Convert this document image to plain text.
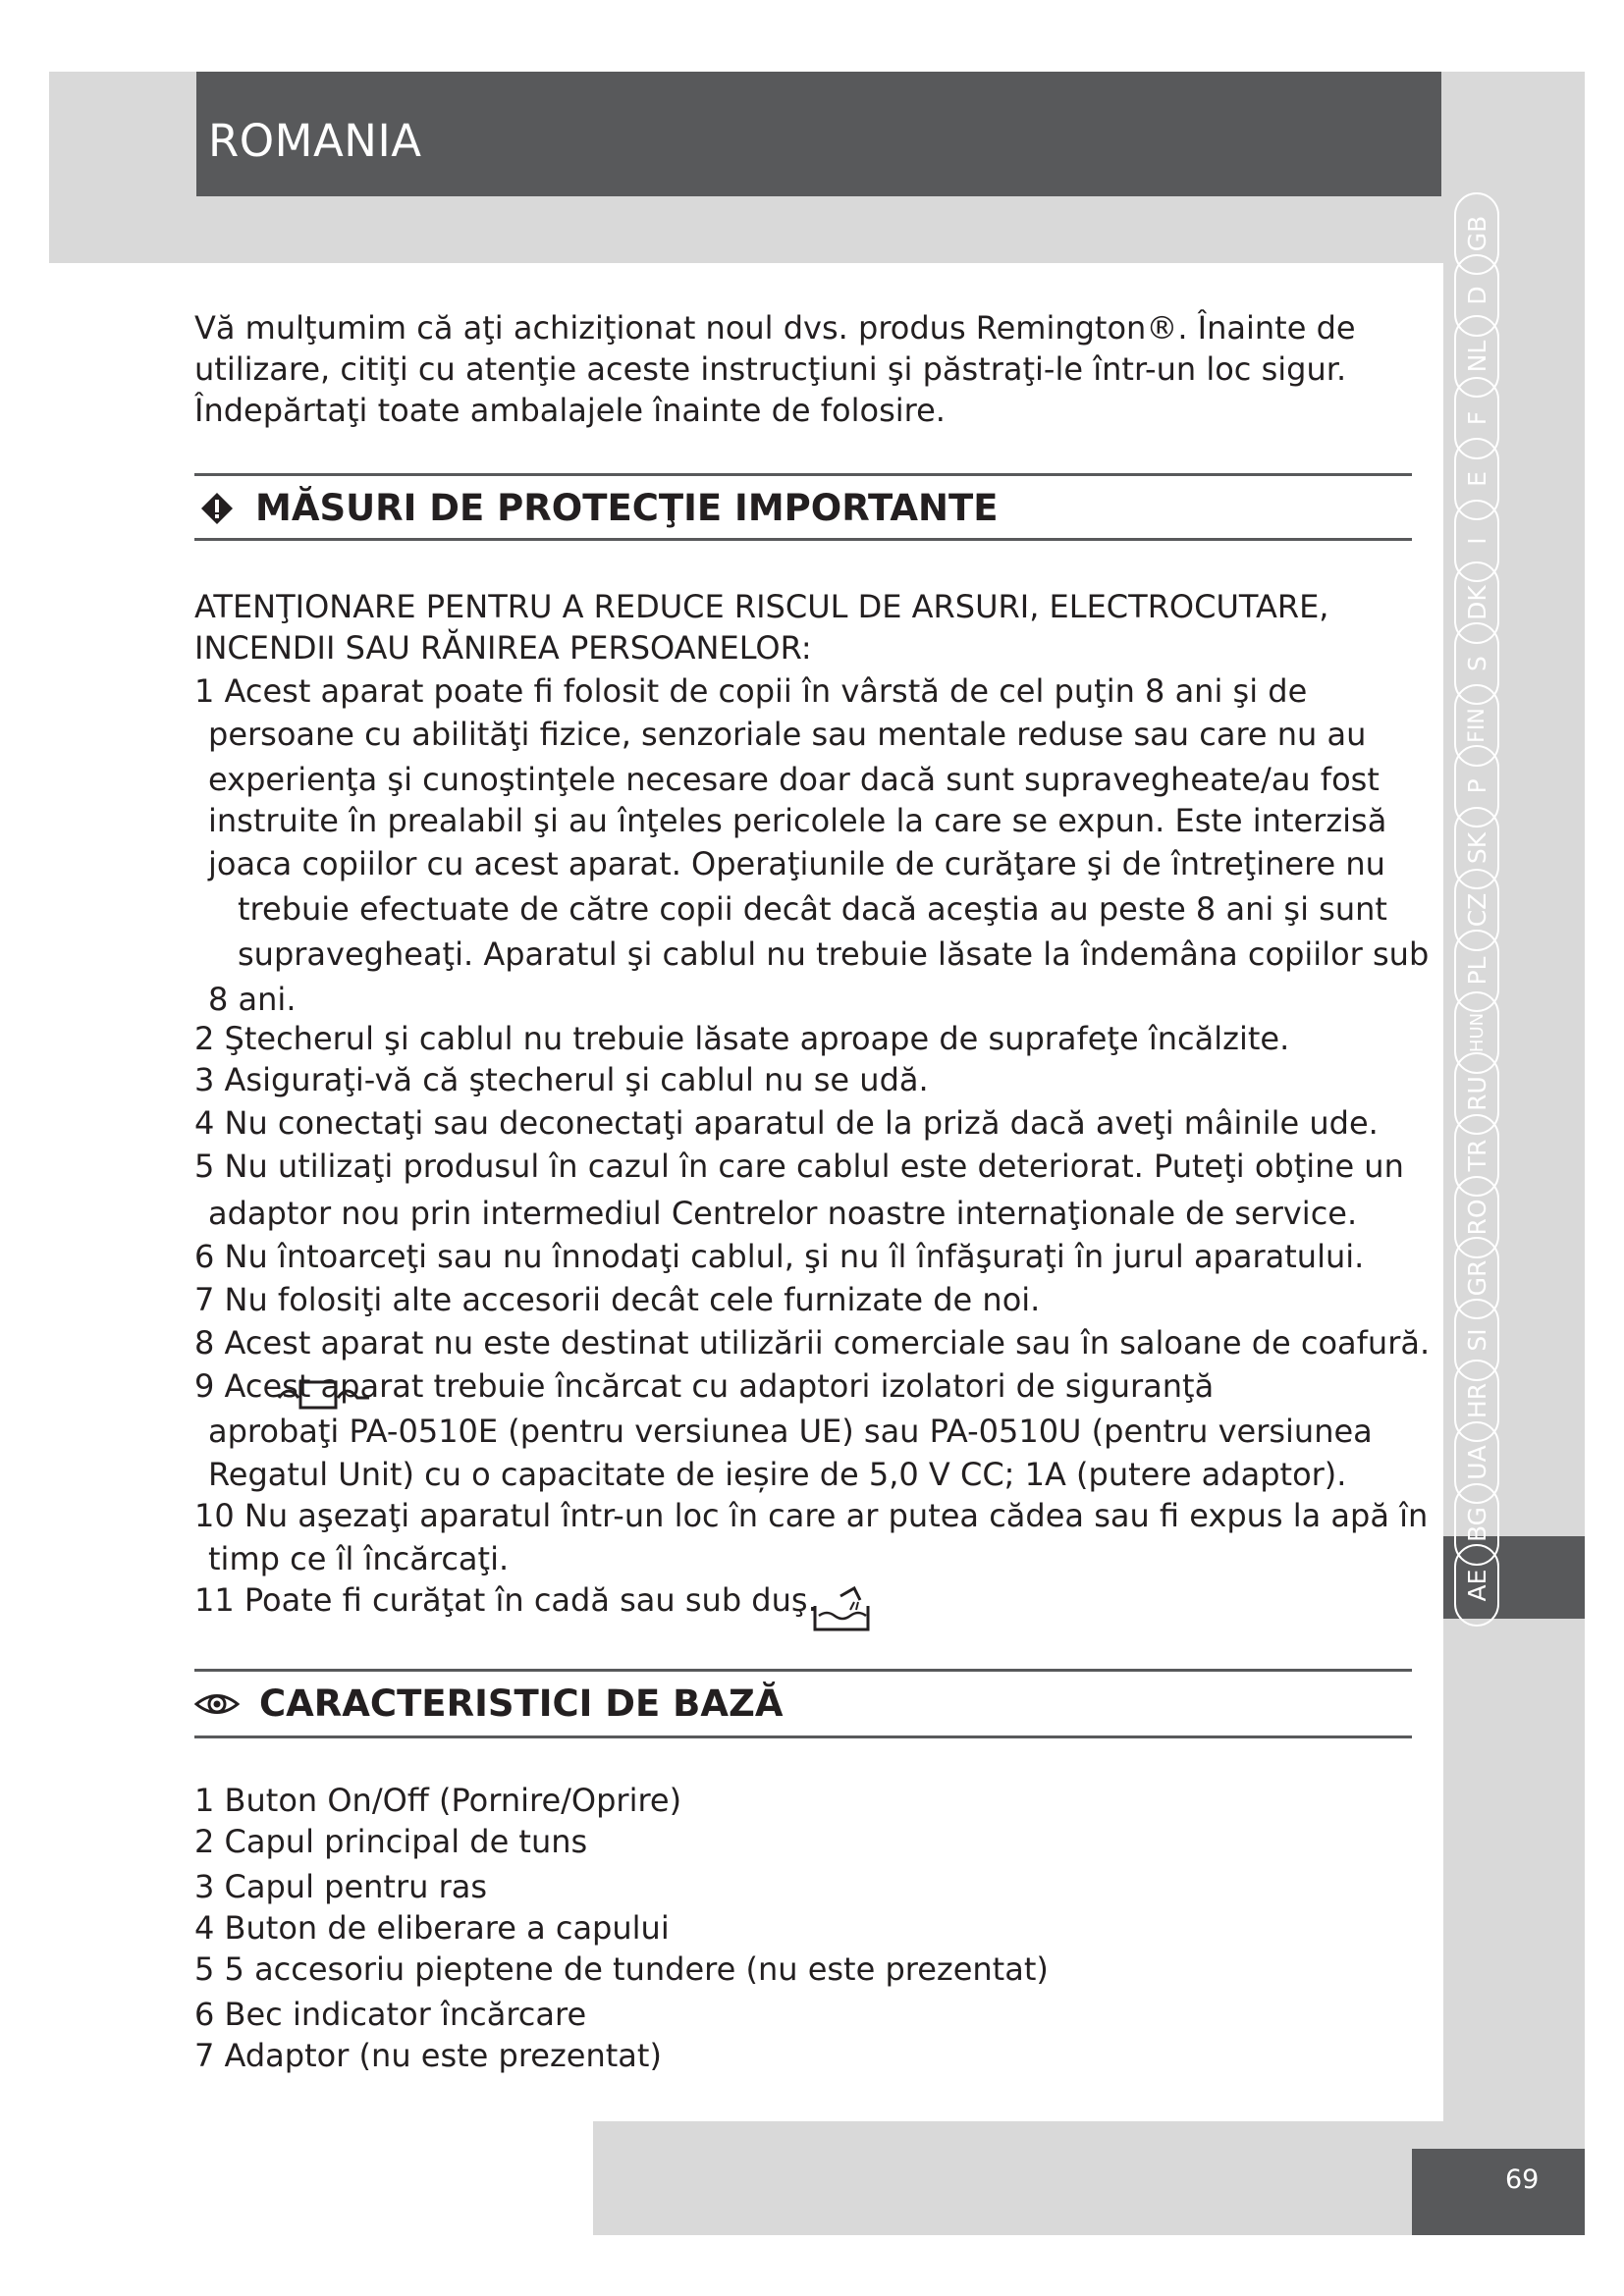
ROMANIA
GB
D
NL
F
E
I
DK
S
FIN
P
SK
CZ
PL
HUN
RU
TR
RO
GR
SI
HR
UA
BG
AE
69
Vă mulţumim că aţi achiziţionat noul dvs. produs Remington®. Înainte de
utilizare, citiţi cu atenţie aceste instrucţiuni şi păstraţi-le într-un loc sigur.
Îndepărtaţi toate ambalajele înainte de folosire.
MĂSURI DE PROTECŢIE IMPORTANTE
ATENŢIONARE PENTRU A REDUCE RISCUL DE ARSURI, ELECTROCUTARE,
INCENDII SAU RĂNIREA PERSOANELOR:
1 Acest aparat poate fi folosit de copii în vârstă de cel puţin 8 ani şi de
persoane cu abilităţi fizice, senzoriale sau mentale reduse sau care nu au
experienţa şi cunoştinţele necesare doar dacă sunt supravegheate/au fost
instruite în prealabil şi au înţeles pericolele la care se expun. Este interzisă
joaca copiilor cu acest aparat. Operaţiunile de curăţare şi de întreţinere nu
trebuie efectuate de către copii decât dacă aceştia au peste 8 ani şi sunt
supravegheaţi. Aparatul şi cablul nu trebuie lăsate la îndemâna copiilor sub
8 ani.
2 Ştecherul şi cablul nu trebuie lăsate aproape de suprafeţe încălzite.
3 Asiguraţi-vă că ştecherul şi cablul nu se udă.
4 Nu conectaţi sau deconectaţi aparatul de la priză dacă aveţi mâinile ude.
5 Nu utilizaţi produsul în cazul în care cablul este deteriorat. Puteţi obţine un
adaptor nou prin intermediul Centrelor noastre internaţionale de service.
6 Nu întoarceţi sau nu înnodaţi cablul, şi nu îl înfăşuraţi în jurul aparatului.
7 Nu folosiţi alte accesorii decât cele furnizate de noi.
8 Acest aparat nu este destinat utilizării comerciale sau în saloane de coafură.
9 Acest aparat trebuie încărcat cu adaptori izolatori de siguranţă
aprobaţi PA-0510E (pentru versiunea UE) sau PA-0510U (pentru versiunea
Regatul Unit) cu o capacitate de ieșire de 5,0 V CC; 1A (putere adaptor).
10 Nu aşezaţi aparatul într-un loc în care ar putea cădea sau fi expus la apă în
timp ce îl încărcaţi.
11 Poate fi curăţat în cadă sau sub duş.
CARACTERISTICI DE BAZĂ
1 Buton On/Off (Pornire/Oprire)
2 Capul principal de tuns
3 Capul pentru ras
4 Buton de eliberare a capului
5 5 accesoriu pieptene de tundere (nu este prezentat)
6 Bec indicator încărcare
7 Adaptor (nu este prezentat)
